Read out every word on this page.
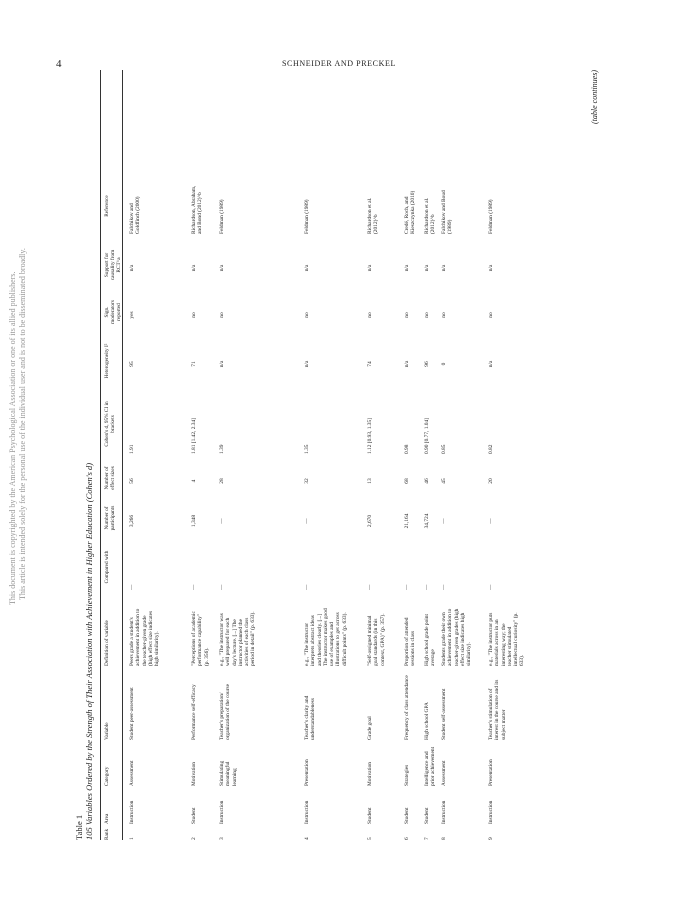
4	SCHNEIDER AND PRECKEL
This document is copyrighted by the American Psychological Association or one of its allied publishers. This article is intended solely for the personal use of the individual user and is not to be disseminated broadly.
Table 1 105 Variables Ordered by the Strength of Their Association with Achievement in Higher Education (Cohen's d) Rank
Area
Category
Variable
Definition of variable
Compared with
Number of participants
Number of effect sizes
Cohen's d, 95% CI in brackets
Heterogeneity I²
Sign. moderators reported
Support for causality from RCT^a
Reference
1
Instruction
Assessment
Student peer-assessment
Peers grade a student's achievement in addition to the teacher-given grade (high effect size indicates high similarity).
—
3,266
56
1.91
95
yes
n/a
Falchikov and Goldfinch (2000)
2
Student
Motivation
Performance self-efficacy
"Perceptions of academic performance capability" (p. 356).
—
1,348
4
1.81 [1.42, 2.34]
71
no
n/a
Richardson, Abraham, and Bond (2012)^b
3
Instruction
Stimulating meaningful learning
Teacher's preparation/ organization of the course
e.g., "The instructor was well prepared for each day's lecture. [...] The instructor planned the activities of each class period in detail" (p. 633).
—
—
28
1.39
n/a
no
n/a
Feldman (1989)
4
Instruction
Presentation
Teacher's clarity and understandableness
e.g., "The instructor interprets abstract ideas and theories clearly. [...] The instructor makes good use of examples and illustrations to get across difficult points" (p. 633).
—
—
32
1.35
n/a
no
n/a
Feldman (1989)
5
Student
Motivation
Grade goal
"Self-assigned minimal goal standards (in this context, GPA)" (p. 357).
—
2,670
13
1.12 [0.93, 1.35]
74
no
n/a
Richardson et al. (2012)^b
6
Student
Strategies
Frequency of class attendance
Proportion of attended sessions in class
—
21,164
68
0.98
n/a
no
n/a
Credé, Roch, and Kieszczynka (2010)
7
Student
Intelligence and prior achievement
High school GPA
High school grade point average
—
34,724
46
0.90 [0.77, 1.04]
96
no
n/a
Richardson et al. (2012)^b
8
Instruction
Assessment
Student self-assessment
Students grade their own achievement in addition to teacher-given grades (high effect size indicates high similarity).
—
—
45
0.85
0
no
n/a
Falchikov and Boud (1989)
9
Instruction
Presentation
Teacher's stimulation of interest in the course and its subject matter
e.g., "The instructor puts materials across in an interesting way; the teacher stimulated intellectual curiosity" (p. 633).
—
—
20
0.82
n/a
no
n/a
Feldman (1989)
(table continues)
